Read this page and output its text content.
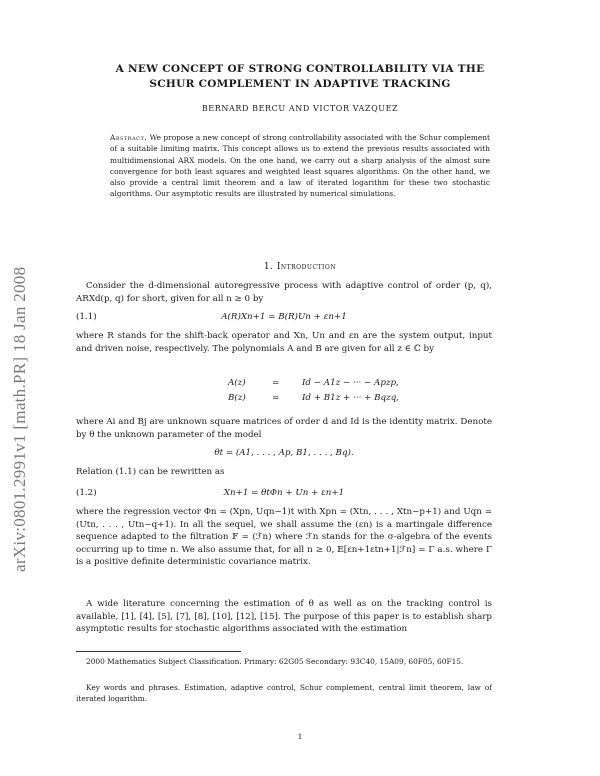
A NEW CONCEPT OF STRONG CONTROLLABILITY VIA THE
SCHUR COMPLEMENT IN ADAPTIVE TRACKING
BERNARD BERCU AND VICTOR VAZQUEZ
Abstract. We propose a new concept of strong controllability associated with the Schur complement of a suitable limiting matrix. This concept allows us to extend the previous results associated with multidimensional ARX models. On the one hand, we carry out a sharp analysis of the almost sure convergence for both least squares and weighted least squares algorithms. On the other hand, we also provide a central limit theorem and a law of iterated logarithm for these two stochastic algorithms. Our asymptotic results are illustrated by numerical simulations.
arXiv:0801.2991v1 [math.PR] 18 Jan 2008	1. Introduction
Consider the d-dimensional autoregressive process with adaptive control of order (p, q), ARXd(p, q) for short, given for all n ≥ 0 by
(1.1)	A(R)Xn+1 = B(R)Un + εn+1
where R stands for the shift-back operator and Xn, Un and εn are the system output, input and driven noise, respectively. The polynomials A and B are given for all z ∈ ℂ by
A(z)	=	Id − A1z − ··· − Apzp,
B(z)	=	Id + B1z + ··· + Bqzq,
where Ai and Bj are unknown square matrices of order d and Id is the identity matrix. Denote by θ the unknown parameter of the model
θt = (A1, . . . , Ap, B1, . . . , Bq).
Relation (1.1) can be rewritten as
(1.2)	Xn+1 = θtΦn + Un + εn+1
where the regression vector Φn = (Xpn, Uqn−1)t with Xpn = (Xtn, . . . , Xtn−p+1) and Uqn = (Utn, . . . , Utn−q+1). In all the sequel, we shall assume the (εn) is a martingale difference sequence adapted to the filtration 𝔽 = (ℱn) where ℱn stands for the σ-algebra of the events occurring up to time n. We also assume that, for all n ≥ 0, 𝔼[εn+1εtn+1|ℱn] = Γ a.s. where Γ is a positive definite deterministic covariance matrix.
A wide literature concerning the estimation of θ as well as on the tracking control is available, [1], [4], [5], [7], [8], [10], [12], [15]. The purpose of this paper is to establish sharp asymptotic results for stochastic algorithms associated with the estimation
2000 Mathematics Subject Classification. Primary: 62G05 Secondary: 93C40, 15A09, 60F05, 60F15.
Key words and phrases. Estimation, adaptive control, Schur complement, central limit theorem, law of iterated logarithm.
1
